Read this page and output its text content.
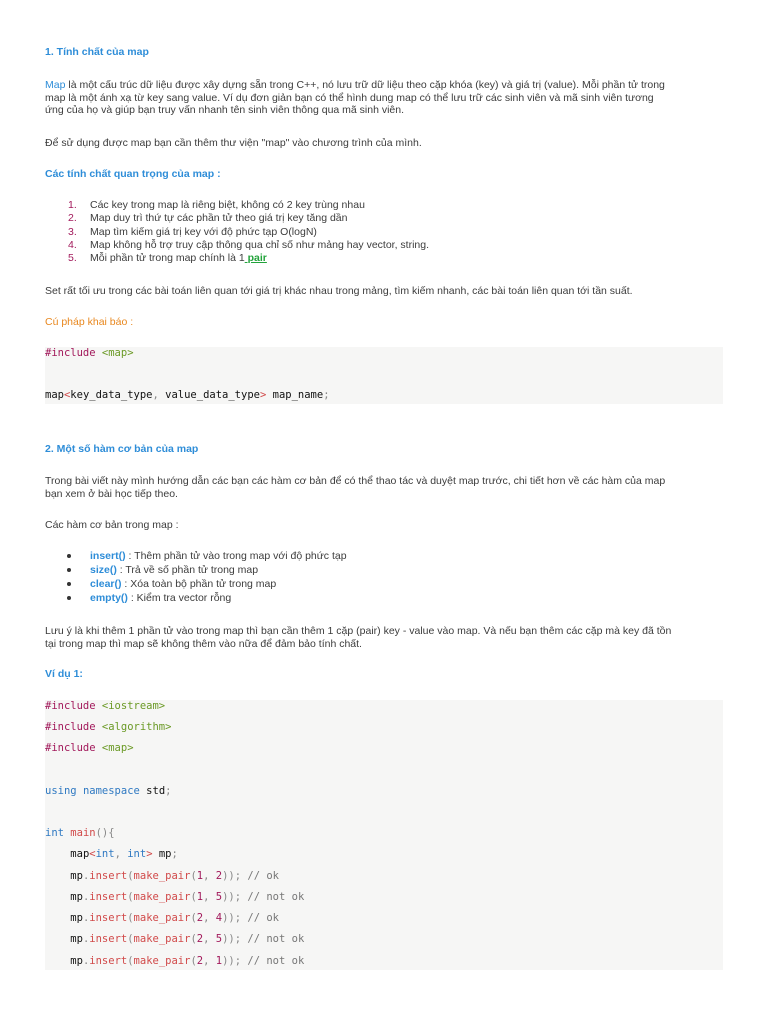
1. Tính chất của map
Map là một cấu trúc dữ liệu được xây dựng sẵn trong C++, nó lưu trữ dữ liệu theo cặp khóa (key) và giá trị (value). Mỗi phần tử trong
map là một ánh xạ từ key sang value. Ví dụ đơn giản bạn có thể hình dung map có thể lưu trữ các sinh viên và mã sinh viên tương
ứng của họ và giúp bạn truy vấn nhanh tên sinh viên thông qua mã sinh viên.
Để sử dụng được map bạn cần thêm thư viện "map" vào chương trình của mình.
Các tính chất quan trọng của map :
1. Các key trong map là riêng biệt, không có 2 key trùng nhau
2. Map duy trì thứ tự các phần tử theo giá trị key tăng dần
3. Map tìm kiếm giá trị key với độ phức tạp O(logN)
4. Map không hỗ trợ truy cập thông qua chỉ số như mảng hay vector, string.
5. Mỗi phần tử trong map chính là 1 pair
Set rất tối ưu trong các bài toán liên quan tới giá trị khác nhau trong mảng, tìm kiếm nhanh, các bài toán liên quan tới tần suất.
Cú pháp khai báo :
#include <map>
map<key_data_type, value_data_type> map_name;
2. Một số hàm cơ bản của map
Trong bài viết này mình hướng dẫn các bạn các hàm cơ bản để có thể thao tác và duyệt map trước, chi tiết hơn về các hàm của map
bạn xem ở bài học tiếp theo.
Các hàm cơ bản trong map :
insert() : Thêm phần tử vào trong map với độ phức tạp
size() : Trả về số phần tử trong map
clear() : Xóa toàn bộ phần tử trong map
empty() : Kiểm tra vector rỗng
Lưu ý là khi thêm 1 phần tử vào trong map thì bạn cần thêm 1 cặp (pair) key - value vào map. Và nếu bạn thêm các cặp mà key đã tồn
tại trong map thì map sẽ không thêm vào nữa để đảm bảo tính chất.
Ví dụ 1:
#include <iostream>
#include <algorithm>
#include <map>
using namespace std;
int main(){
map<int, int> mp;
mp.insert(make_pair(1, 2)); // ok
mp.insert(make_pair(1, 5)); // not ok
mp.insert(make_pair(2, 4)); // ok
mp.insert(make_pair(2, 5)); // not ok
mp.insert(make_pair(2, 1)); // not ok
